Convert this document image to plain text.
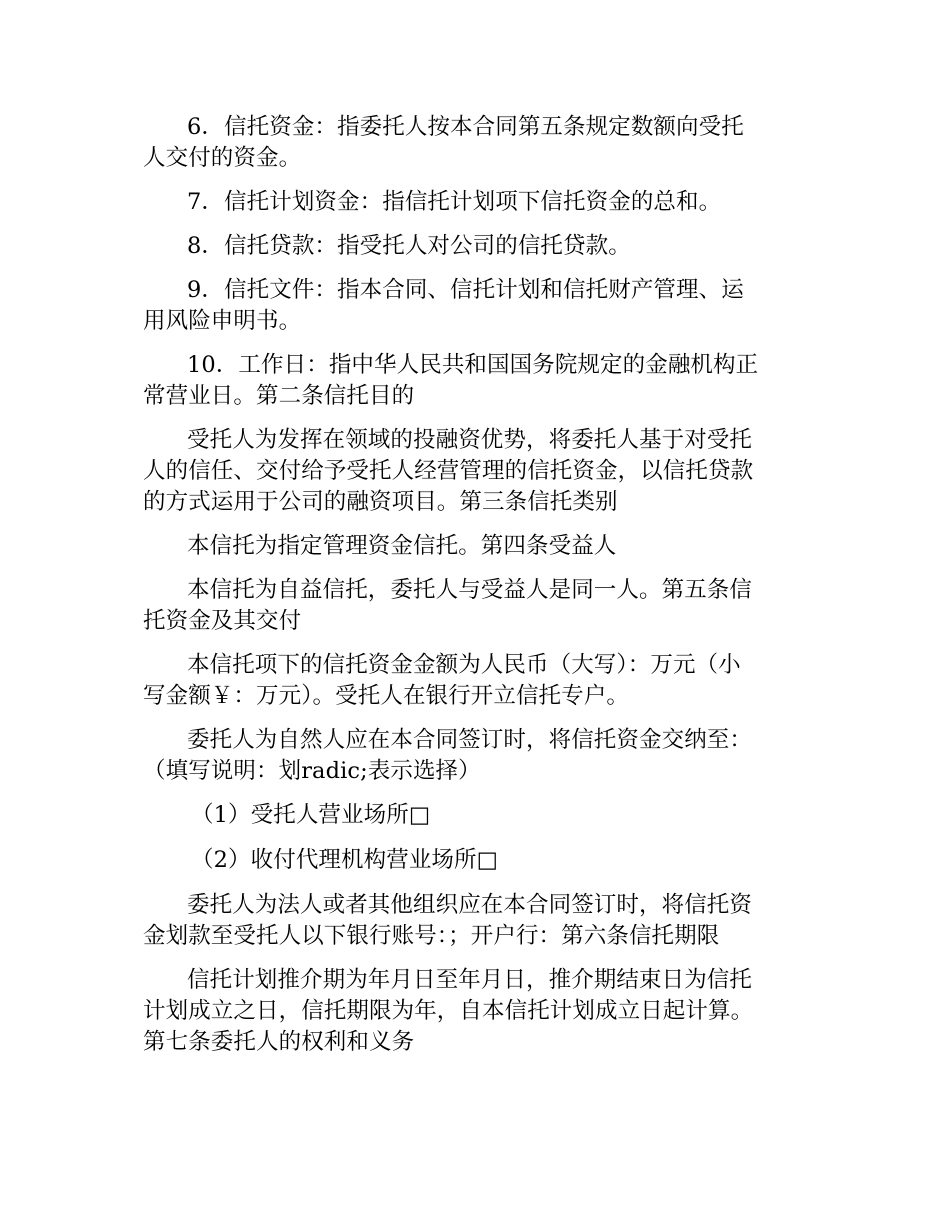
6．信托资金：指委托人按本合同第五条规定数额向受托
人交付的资金。

7．信托计划资金：指信托计划项下信托资金的总和。

8．信托贷款：指受托人对公司的信托贷款。

9．信托文件：指本合同、信托计划和信托财产管理、运
用风险申明书。

10．工作日：指中华人民共和国国务院规定的金融机构正
常营业日。第二条信托目的

受托人为发挥在领域的投融资优势，将委托人基于对受托
人的信任、交付给予受托人经营管理的信托资金，以信托贷款
的方式运用于公司的融资项目。第三条信托类别

本信托为指定管理资金信托。第四条受益人

本信托为自益信托，委托人与受益人是同一人。第五条信
托资金及其交付

本信托项下的信托资金金额为人民币（大写）：万元（小
写金额￥：万元）。受托人在银行开立信托专户。

委托人为自然人应在本合同签订时，将信托资金交纳至：
（填写说明：划radic;表示选择）

（1）受托人营业场所□

（2）收付代理机构营业场所□

委托人为法人或者其他组织应在本合同签订时，将信托资
金划款至受托人以下银行账号：；开户行：第六条信托期限

信托计划推介期为年月日至年月日，推介期结束日为信托
计划成立之日，信托期限为年，自本信托计划成立日起计算。
第七条委托人的权利和义务
